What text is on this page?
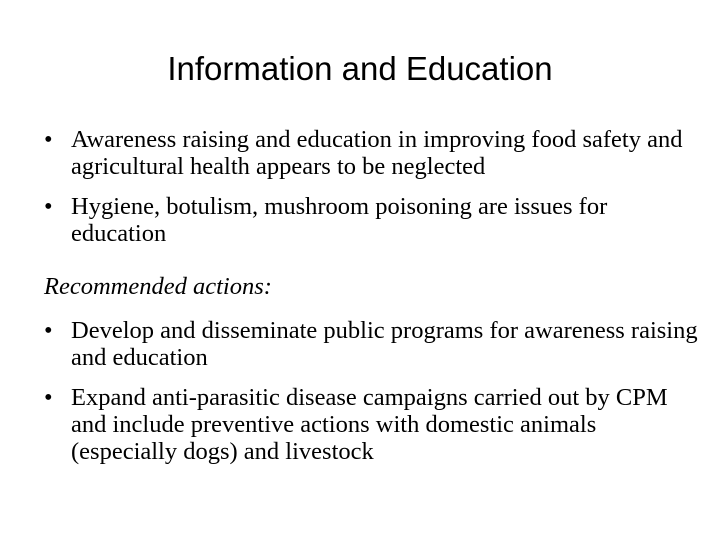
Information and Education
• Awareness raising and education in improving food safety and agricultural health appears to be neglected
• Hygiene, botulism, mushroom poisoning are issues for education

Recommended actions:

• Develop and disseminate public programs for awareness raising and education
• Expand anti-parasitic disease campaigns carried out by CPM and include preventive actions with domestic animals (especially dogs) and livestock
